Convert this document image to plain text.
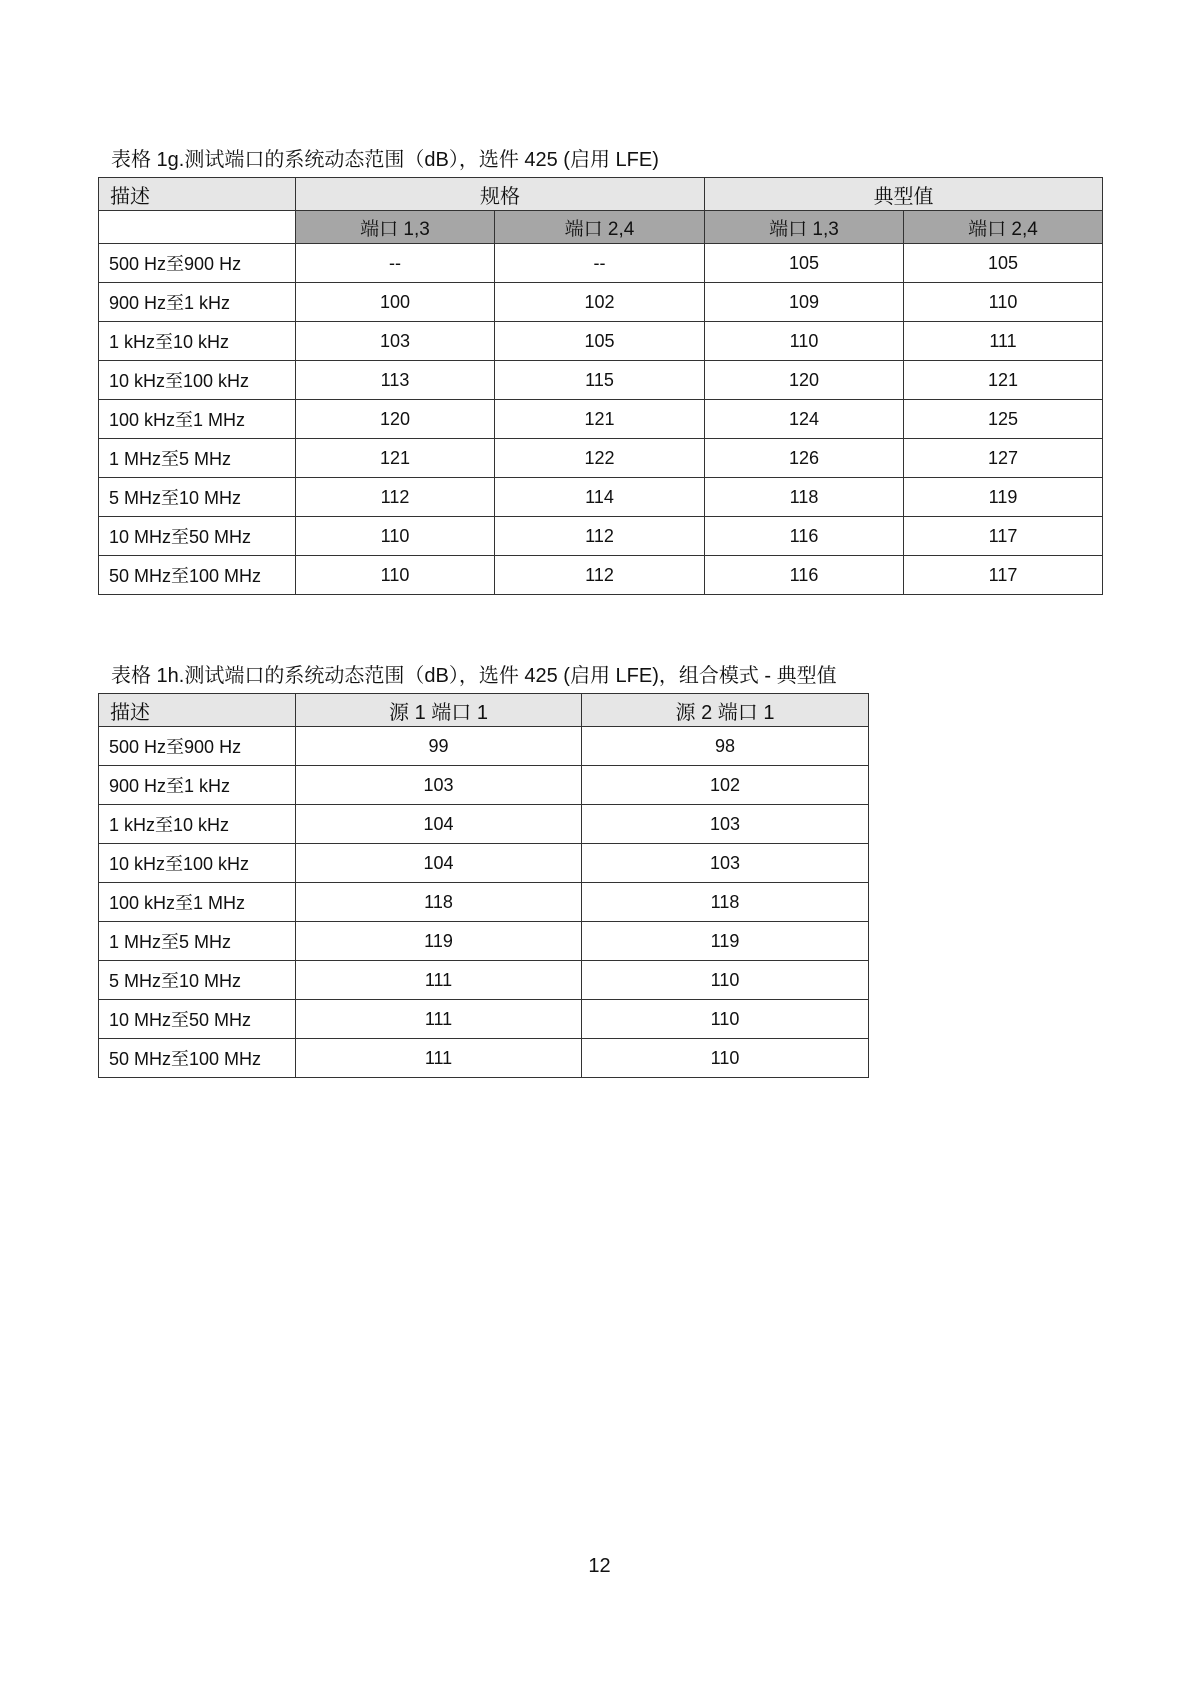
表格 1g.测试端口的系统动态范围（dB），选件 425 (启用 LFE)
描述	规格		典型值	
	端口 1,3	端口 2,4	端口 1,3	端口 2,4
500 Hz至900 Hz	--	--	105	105
900 Hz至1 kHz	100	102	109	110
1 kHz至10 kHz	103	105	110	111
10 kHz至100 kHz	113	115	120	121
100 kHz至1 MHz	120	121	124	125
1 MHz至5 MHz	121	122	126	127
5 MHz至10 MHz	112	114	118	119
10 MHz至50 MHz	110	112	116	117
50 MHz至100 MHz	110	112	116	117
表格 1h.测试端口的系统动态范围（dB），选件 425 (启用 LFE)，组合模式 - 典型值
描述	源 1 端口 1	源 2 端口 1
500 Hz至900 Hz	99	98
900 Hz至1 kHz	103	102
1 kHz至10 kHz	104	103
10 kHz至100 kHz	104	103
100 kHz至1 MHz	118	118
1 MHz至5 MHz	119	119
5 MHz至10 MHz	111	110
10 MHz至50 MHz	111	110
50 MHz至100 MHz	111	110
12
